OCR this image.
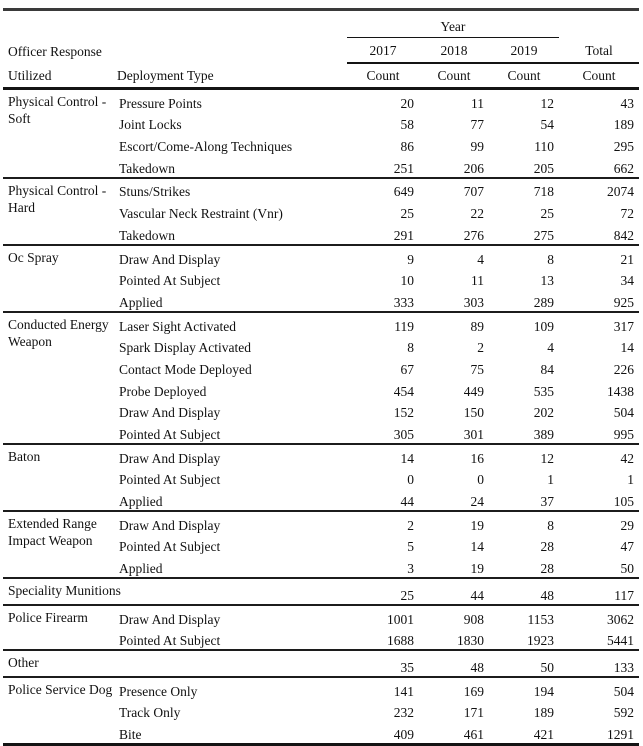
		Year			
Officer Response		2017	2018	2019	Total
Utilized	Deployment Type	Count	Count	Count	Count
Physical Control - Soft	Pressure Points	20	11	12	43
	Joint Locks	58	77	54	189
	Escort/Come-Along Techniques	86	99	110	295
	Takedown	251	206	205	662
Physical Control - Hard	Stuns/Strikes	649	707	718	2074
	Vascular Neck Restraint (Vnr)	25	22	25	72
	Takedown	291	276	275	842
Oc Spray	Draw And Display	9	4	8	21
	Pointed At Subject	10	11	13	34
	Applied	333	303	289	925
Conducted Energy Weapon	Laser Sight Activated	119	89	109	317
	Spark Display Activated	8	2	4	14
	Contact Mode Deployed	67	75	84	226
	Probe Deployed	454	449	535	1438
	Draw And Display	152	150	202	504
	Pointed At Subject	305	301	389	995
Baton	Draw And Display	14	16	12	42
	Pointed At Subject	0	0	1	1
	Applied	44	24	37	105
Extended Range Impact Weapon	Draw And Display	2	19	8	29
	Pointed At Subject	5	14	28	47
	Applied	3	19	28	50
Speciality Munitions		25	44	48	117
Police Firearm	Draw And Display	1001	908	1153	3062
	Pointed At Subject	1688	1830	1923	5441
Other		35	48	50	133
Police Service Dog	Presence Only	141	169	194	504
	Track Only	232	171	189	592
	Bite	409	461	421	1291
